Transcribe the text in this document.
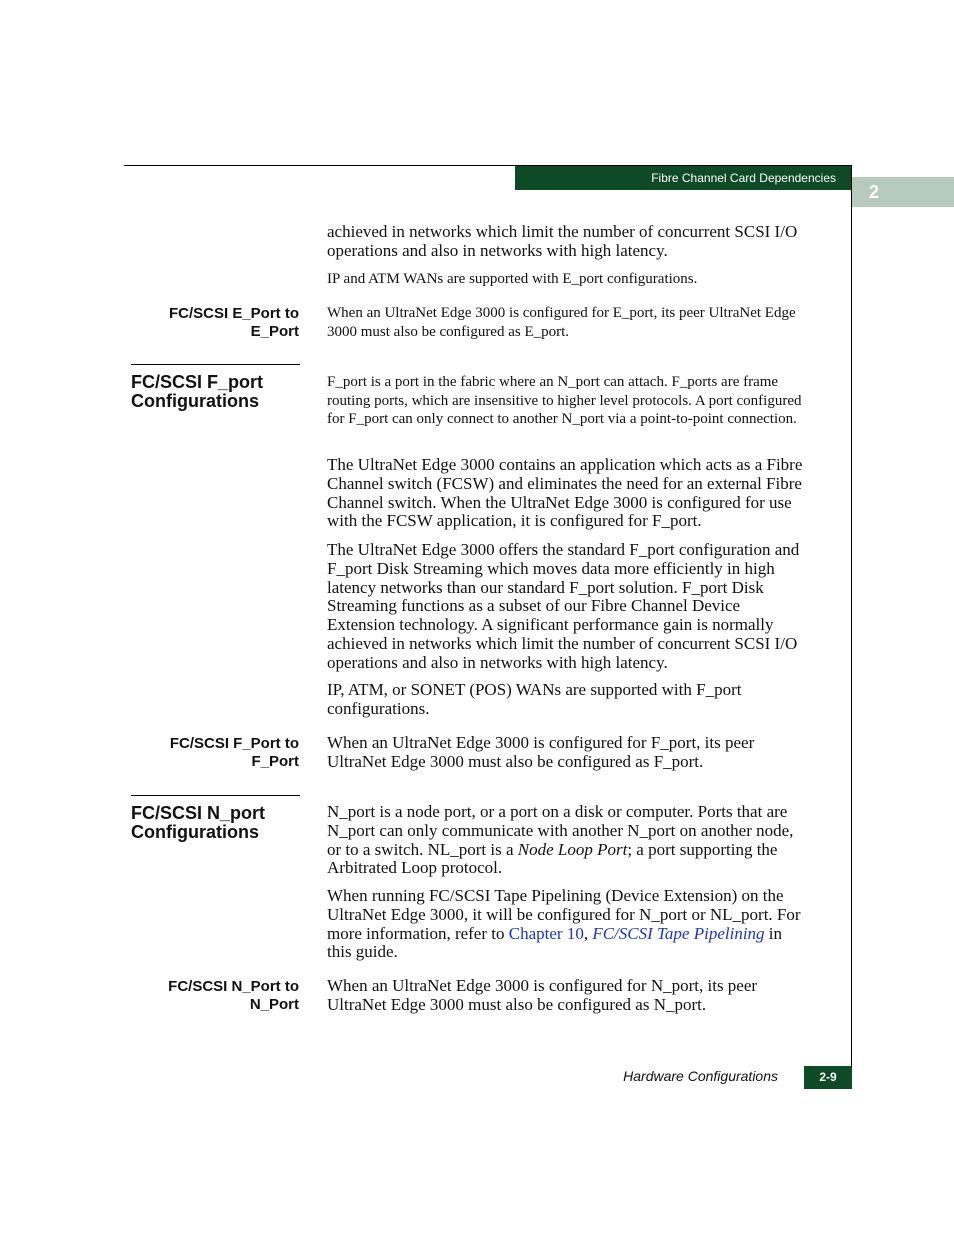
Fibre Channel Card Dependencies
2

achieved in networks which limit the number of concurrent SCSI I/O operations and also in networks with high latency.

IP and ATM WANs are supported with E_port configurations.

FC/SCSI E_Port to
E_Port

When an UltraNet Edge 3000 is configured for E_port, its peer UltraNet Edge 3000 must also be configured as E_port.

FC/SCSI F_port
Configurations

F_port is a port in the fabric where an N_port can attach. F_ports are frame routing ports, which are insensitive to higher level protocols. A port configured for F_port can only connect to another N_port via a point-to-point connection.

The UltraNet Edge 3000 contains an application which acts as a Fibre Channel switch (FCSW) and eliminates the need for an external Fibre Channel switch. When the UltraNet Edge 3000 is configured for use with the FCSW application, it is configured for F_port.

The UltraNet Edge 3000 offers the standard F_port configuration and F_port Disk Streaming which moves data more efficiently in high latency networks than our standard F_port solution. F_port Disk Streaming functions as a subset of our Fibre Channel Device Extension technology. A significant performance gain is normally achieved in networks which limit the number of concurrent SCSI I/O operations and also in networks with high latency.

IP, ATM, or SONET (POS) WANs are supported with F_port configurations.

FC/SCSI F_Port to
F_Port

When an UltraNet Edge 3000 is configured for F_port, its peer UltraNet Edge 3000 must also be configured as F_port.

FC/SCSI N_port
Configurations

N_port is a node port, or a port on a disk or computer. Ports that are N_port can only communicate with another N_port on another node, or to a switch. NL_port is a Node Loop Port; a port supporting the Arbitrated Loop protocol.

When running FC/SCSI Tape Pipelining (Device Extension) on the UltraNet Edge 3000, it will be configured for N_port or NL_port. For more information, refer to Chapter 10, FC/SCSI Tape Pipelining in this guide.

FC/SCSI N_Port to
N_Port

When an UltraNet Edge 3000 is configured for N_port, its peer UltraNet Edge 3000 must also be configured as N_port.

Hardware Configurations	2-9
